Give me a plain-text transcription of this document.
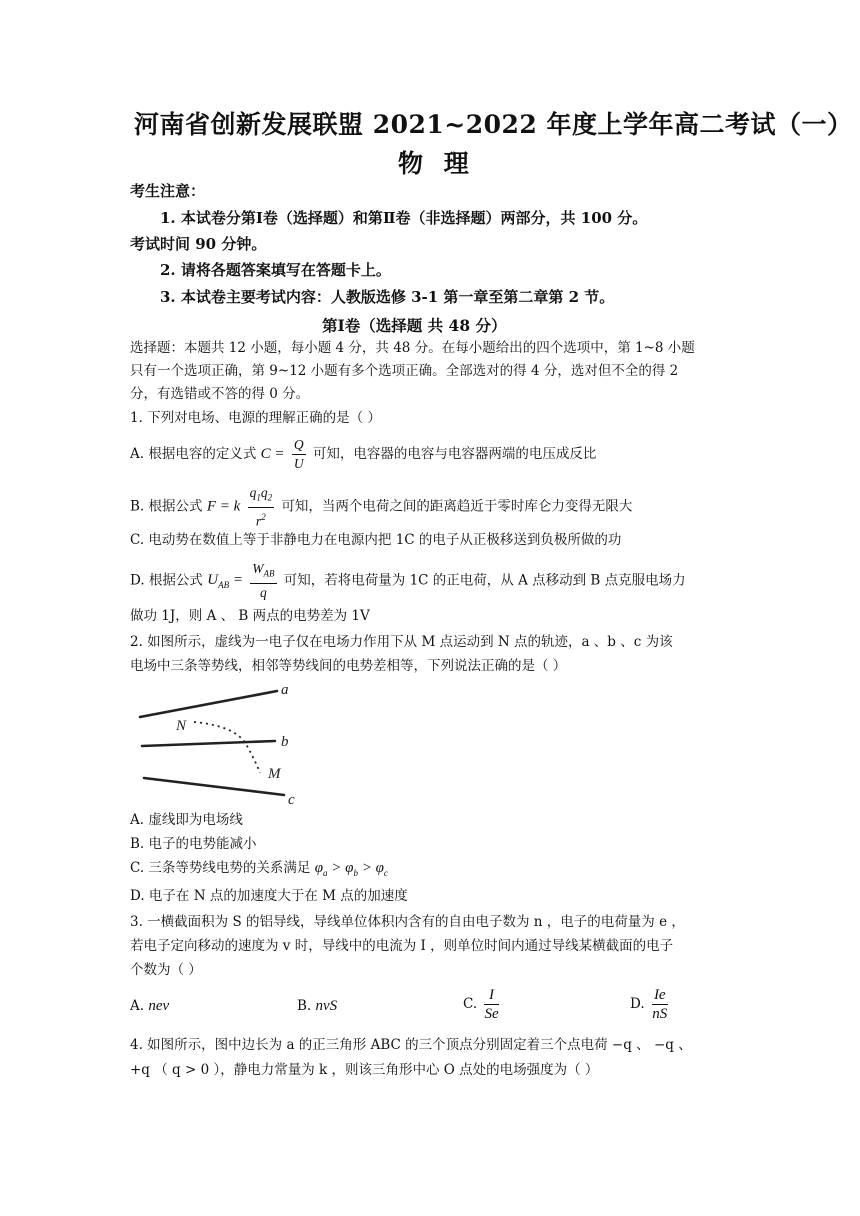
河南省创新发展联盟 2021~2022 年度上学年高二考试（一）
物 理
考生注意：
1. 本试卷分第Ⅰ卷（选择题）和第Ⅱ卷（非选择题）两部分，共 100 分。
考试时间 90 分钟。
2. 请将各题答案填写在答题卡上。
3. 本试卷主要考试内容：人教版选修 3-1 第一章至第二章第 2 节。
第Ⅰ卷（选择题 共 48 分）
选择题：本题共 12 小题，每小题 4 分，共 48 分。在每小题给出的四个选项中，第 1~8 小题
只有一个选项正确，第 9~12 小题有多个选项正确。全部选对的得 4 分，选对但不全的得 2
分，有选错或不答的得 0 分。
1. 下列对电场、电源的理解正确的是（ ）
A. 根据电容的定义式 $C = \frac{Q}{U}$ 可知，电容器的电容与电容器两端的电压成反比
B. 根据公式 F = k $\frac{q_1q_2}{r^2}$ 可知，当两个电荷之间的距离趋近于零时库仑力变得无限大
C. 电动势在数值上等于非静电力在电源内把 1C 的电子从正极移送到负极所做的功
D. 根据公式 $U_{AB} = \frac{W_{AB}}{q}$ 可知，若将电荷量为 1C 的正电荷，从 A 点移动到 B 点克服电场力
做功 1J，则 A 、 B 两点的电势差为 1V
2. 如图所示，虚线为一电子仅在电场力作用下从 M 点运动到 N 点的轨迹，a 、b 、c 为该
电场中三条等势线，相邻等势线间的电势差相等，下列说法正确的是（ ）
a
b
c
N
M
A. 虚线即为电场线
B. 电子的电势能减小
C. 三条等势线电势的关系满足 $\varphi_a > \varphi_b > \varphi_c$
D. 电子在 N 点的加速度大于在 M 点的加速度
3. 一横截面积为 S 的铝导线，导线单位体积内含有的自由电子数为 n ，电子的电荷量为 e ，
若电子定向移动的速度为 v 时，导线中的电流为 I ，则单位时间内通过导线某横截面的电子
个数为（ ）
A. nev	B. nvS	C. $\frac{I}{Se}$	D. $\frac{Ie}{nS}$
4. 如图所示，图中边长为 a 的正三角形 ABC 的三个顶点分别固定着三个点电荷 −q 、 −q 、
+q （ q > 0 ），静电力常量为 k ，则该三角形中心 O 点处的电场强度为（ ）
